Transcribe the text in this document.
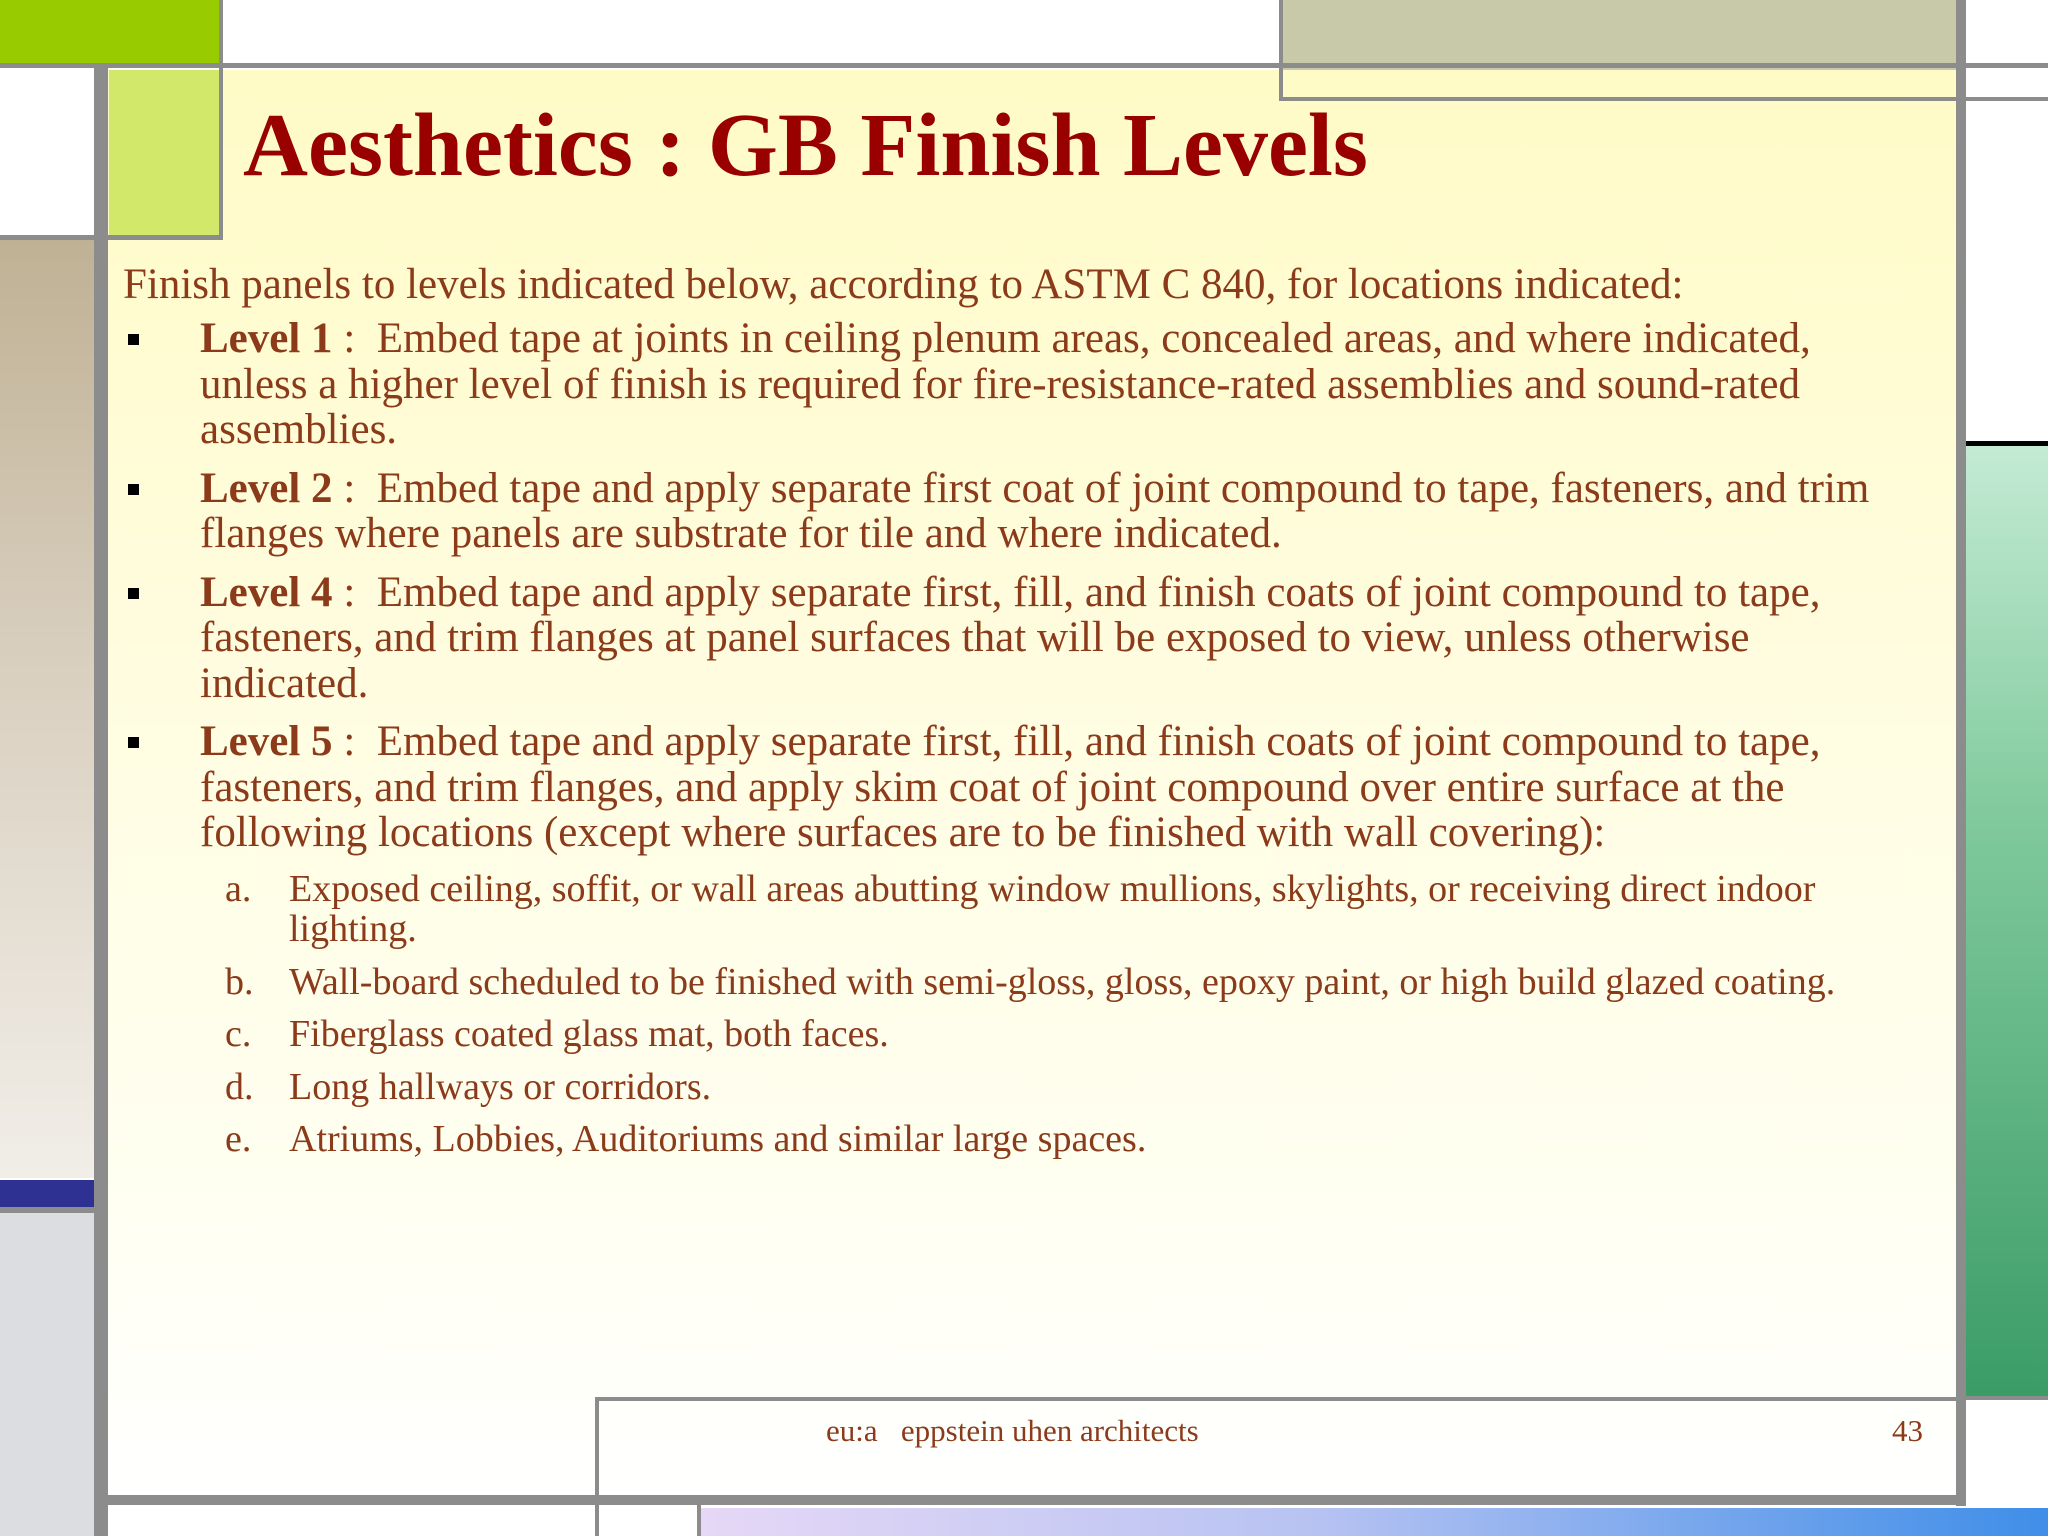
Aesthetics : GB Finish Levels
Finish panels to levels indicated below, according to ASTM C 840, for locations indicated:
Level 1 :  Embed tape at joints in ceiling plenum areas, concealed areas, and where indicated, unless a higher level of finish is required for fire-resistance-rated assemblies and sound-rated assemblies.
Level 2 :  Embed tape and apply separate first coat of joint compound to tape, fasteners, and trim flanges where panels are substrate for tile and where indicated.
Level 4 :  Embed tape and apply separate first, fill, and finish coats of joint compound to tape, fasteners, and trim flanges at panel surfaces that will be exposed to view, unless otherwise indicated.
Level 5 :  Embed tape and apply separate first, fill, and finish coats of joint compound to tape, fasteners, and trim flanges, and apply skim coat of joint compound over entire surface at the following locations (except where surfaces are to be finished with wall covering):
a. Exposed ceiling, soffit, or wall areas abutting window mullions, skylights, or receiving direct indoor lighting.
b. Wall-board scheduled to be finished with semi-gloss, gloss, epoxy paint, or high build glazed coating.
c. Fiberglass coated glass mat, both faces.
d. Long hallways or corridors.
e. Atriums, Lobbies, Auditoriums and similar large spaces.
eu:a   eppstein uhen architects	43
